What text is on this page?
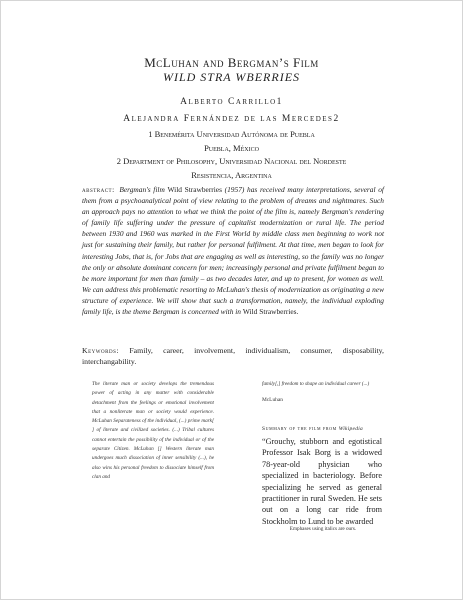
McLuhan and Bergman’s Film
WILD STRA WBERRIES
Alberto Carrillo1
Alejandra Fernández de las Mercedes2
1 Benemérita Universidad Autónoma de Puebla
Puebla, México
2 Department of Philosophy, Universidad Nacional del Nordeste
Resistencia, Argentina
abstract: Bergman's film Wild Strawberries (1957) has received many interpretations, several of them from a psychoanalytical point of view relating to the problem of dreams and nightmares. Such an approach pays no attention to what we think the point of the film is, namely Bergman's rendering of family life suffering under the pressure of capitalist modernization or rural life. The period between 1930 and 1960 was marked in the First World by middle class men beginning to work not just for sustaining their family, but rather for personal fulfilment. At that time, men began to look for interesting Jobs, that is, for Jobs that are engaging as well as interesting, so the family was no longer the only or absolute dominant concern for men; increasingly personal and private fulfilment began to be more important for men than family – as two decades later, and up to present, for women as well. We can address this problematic resorting to McLuhan's thesis of modernization as originating a new structure of experience. We will show that such a transformation, namely, the individual exploding family life, is the theme Bergman is concerned with in Wild Strawberries.
Keywords: Family, career, involvement, individualism, consumer, disposability, interchangability.
The literate man or society develops the tremendous power of acting in any matter with considerable detachment from the feelings or emotional involvement that a nonliterate man or society would experience. McLuhan Separateness of the individual, (...) prime mark[ ] of literate and civilized societies. (...) Tribal cultures cannot entertain the possibility of the individual or of the separate Citizen. McLuhan [] Western literate man undergoes much dissociation of inner sensibility (...), he also wins his personal freedom to dissociate himself from clan and
family[,] freedom to shape an individual career (...)
McLuhan
Summary of the film from Wikipedia
“Grouchy, stubborn and egotistical Professor Isak Borg is a widowed 78-year-old physician who specialized in bacteriology. Before specializing he served as general practitioner in rural Sweden. He sets out on a long car ride from Stockholm to Lund to be awarded
Emphases using italics are ours.
